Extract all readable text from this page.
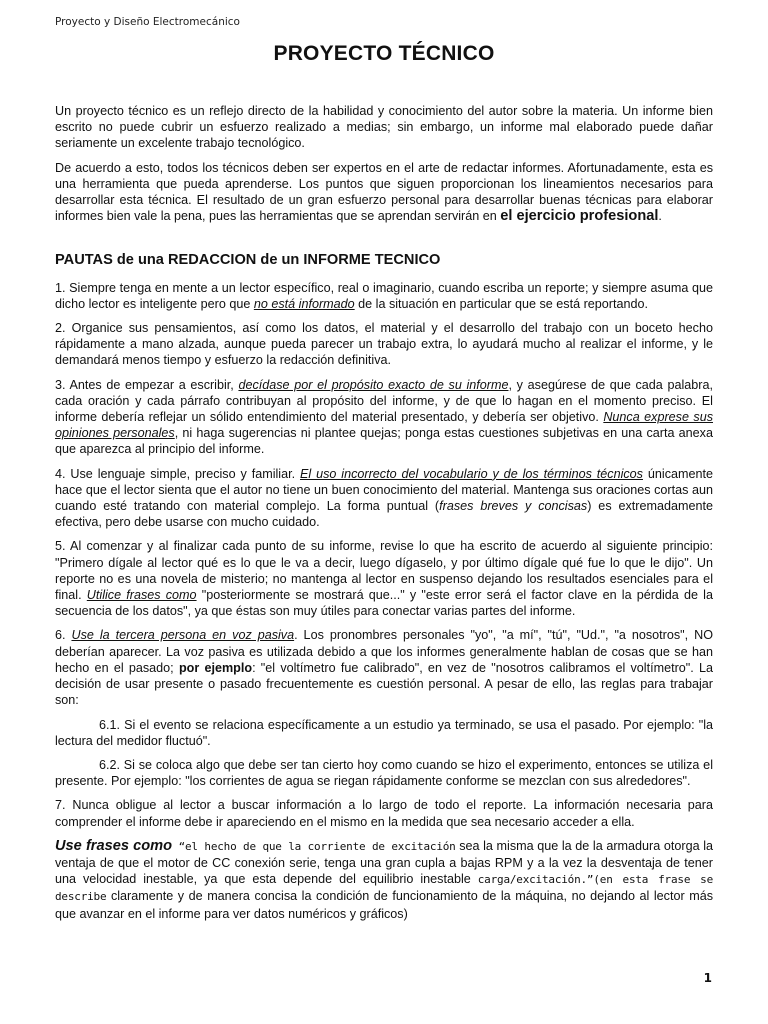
Proyecto y Diseño Electromecánico
PROYECTO TÉCNICO

Un proyecto técnico es un reflejo directo de la habilidad y conocimiento del autor sobre la materia. Un informe bien escrito no puede cubrir un esfuerzo realizado a medias; sin embargo, un informe mal elaborado puede dañar seriamente un excelente trabajo tecnológico.

De acuerdo a esto, todos los técnicos deben ser expertos en el arte de redactar informes. Afortunadamente, esta es una herramienta que pueda aprenderse. Los puntos que siguen proporcionan los lineamientos necesarios para desarrollar esta técnica. El resultado de un gran esfuerzo personal para desarrollar buenas técnicas para elaborar informes bien vale la pena, pues las herramientas que se aprendan servirán en el ejercicio profesional.

PAUTAS de una REDACCION de un INFORME TECNICO

1. Siempre tenga en mente a un lector específico, real o imaginario, cuando escriba un reporte; y siempre asuma que dicho lector es inteligente pero que no está informado de la situación en particular que se está reportando.

2. Organice sus pensamientos, así como los datos, el material y el desarrollo del trabajo con un boceto hecho rápidamente a mano alzada, aunque pueda parecer un trabajo extra, lo ayudará mucho al realizar el informe, y le demandará menos tiempo y esfuerzo la redacción definitiva.

3. Antes de empezar a escribir, decídase por el propósito exacto de su informe, y asegúrese de que cada palabra, cada oración y cada párrafo contribuyan al propósito del informe, y de que lo hagan en el momento preciso. El informe debería reflejar un sólido entendimiento del material presentado, y debería ser objetivo. Nunca exprese sus opiniones personales, ni haga sugerencias ni plantee quejas; ponga estas cuestiones subjetivas en una carta anexa que aparezca al principio del informe.

4. Use lenguaje simple, preciso y familiar. El uso incorrecto del vocabulario y de los términos técnicos únicamente hace que el lector sienta que el autor no tiene un buen conocimiento del material. Mantenga sus oraciones cortas aun cuando esté tratando con material complejo. La forma puntual (frases breves y concisas) es extremadamente efectiva, pero debe usarse con mucho cuidado.

5. Al comenzar y al finalizar cada punto de su informe, revise lo que ha escrito de acuerdo al siguiente principio: "Primero dígale al lector qué es lo que le va a decir, luego dígaselo, y por último dígale qué fue lo que le dijo". Un reporte no es una novela de misterio; no mantenga al lector en suspenso dejando los resultados esenciales para el final. Utilice frases como "posteriormente se mostrará que..." y "este error será el factor clave en la pérdida de la secuencia de los datos", ya que éstas son muy útiles para conectar varias partes del informe.

6. Use la tercera persona en voz pasiva. Los pronombres personales "yo", "a mí", "tú", "Ud.", "a nosotros", NO deberían aparecer. La voz pasiva es utilizada debido a que los informes generalmente hablan de cosas que se han hecho en el pasado; por ejemplo: "el voltímetro fue calibrado", en vez de "nosotros calibramos el voltímetro". La decisión de usar presente o pasado frecuentemente es cuestión personal. A pesar de ello, las reglas para trabajar son:

6.1. Si el evento se relaciona específicamente a un estudio ya terminado, se usa el pasado. Por ejemplo: "la lectura del medidor fluctuó".

6.2. Si se coloca algo que debe ser tan cierto hoy como cuando se hizo el experimento, entonces se utiliza el presente. Por ejemplo: "los corrientes de agua se riegan rápidamente conforme se mezclan con sus alrededores".

7. Nunca obligue al lector a buscar información a lo largo de todo el reporte. La información necesaria para comprender el informe debe ir apareciendo en el mismo en la medida que sea necesario acceder a ella.

Use frases como “el hecho de que la corriente de excitación sea la misma que la de la armadura otorga la ventaja de que el motor de CC conexión serie, tenga una gran cupla a bajas RPM y a la vez la desventaja de tener una velocidad inestable, ya que esta depende del equilibrio inestable carga/excitación.”(en esta frase se describe claramente y de manera concisa la condición de funcionamiento de la máquina, no dejando al lector más que avanzar en el informe para ver datos numéricos y gráficos)

1
